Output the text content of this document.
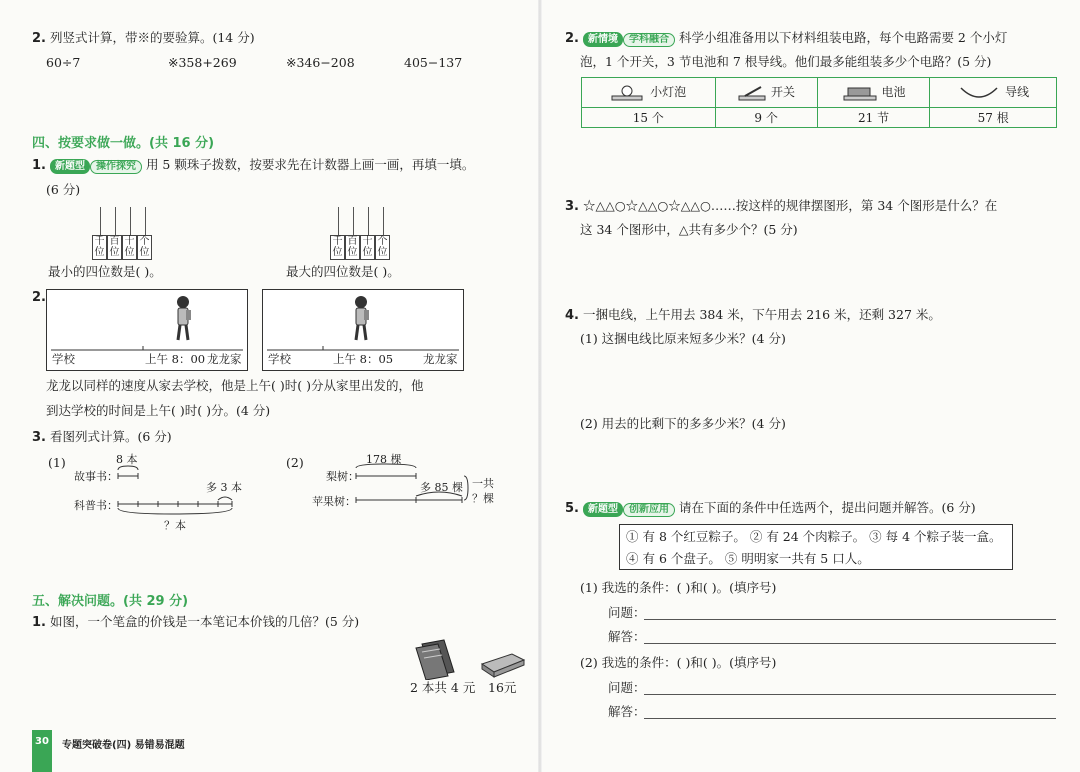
2. 列竖式计算，带※的要验算。(14 分)
60÷7	※358+269	※346−208	405−137
四、按要求做一做。(共 16 分)
1. 新题型 操作探究 用 5 颗珠子拨数，按要求先在计数器上画一画，再填一填。
(6 分)
千位
百位
十位
个位
最小的四位数是( )。
千位
百位
十位
个位
最大的四位数是( )。
2.
学校	上午 8：00 龙龙家 学校	上午 8：05	龙龙家
龙龙以同样的速度从家去学校，他是上午( )时( )分从家里出发的，他
到达学校的时间是上午( )时( )分。(4 分)
3. 看图列式计算。(6 分)
(1)	8 本
故事书：
多 3 本
科普书：
？本
(2)	178 棵
梨树：
多 85 棵
苹果树：
一共
？棵
五、解决问题。(共 29 分)
1. 如图，一个笔盒的价钱是一本笔记本价钱的几倍？(5 分)
2 本共 4 元 16元
30	专题突破卷(四) 易错易混题
2. 新情境 学科融合 科学小组准备用以下材料组装电路，每个电路需要 2 个小灯
泡，1 个开关，3 节电池和 7 根导线。他们最多能组装多少个电路？(5 分)
小灯泡	开关	电池	导线
15 个	9 个	21 节	57 根
3. ☆△△○☆△△○☆△△○……按这样的规律摆图形，第 34 个图形是什么？在
这 34 个图形中，△共有多少个？(5 分)
4. 一捆电线，上午用去 384 米，下午用去 216 米，还剩 327 米。
(1) 这捆电线比原来短多少米？(4 分)
(2) 用去的比剩下的多多少米？(4 分)
5. 新题型 创新应用 请在下面的条件中任选两个，提出问题并解答。(6 分)
① 有 8 个红豆粽子。 ② 有 24 个肉粽子。 ③ 每 4 个粽子装一盒。
④ 有 6 个盘子。 ⑤ 明明家一共有 5 口人。
(1) 我选的条件：( )和( )。(填序号)
问题：
解答：
(2) 我选的条件：( )和( )。(填序号)
问题：
解答：
